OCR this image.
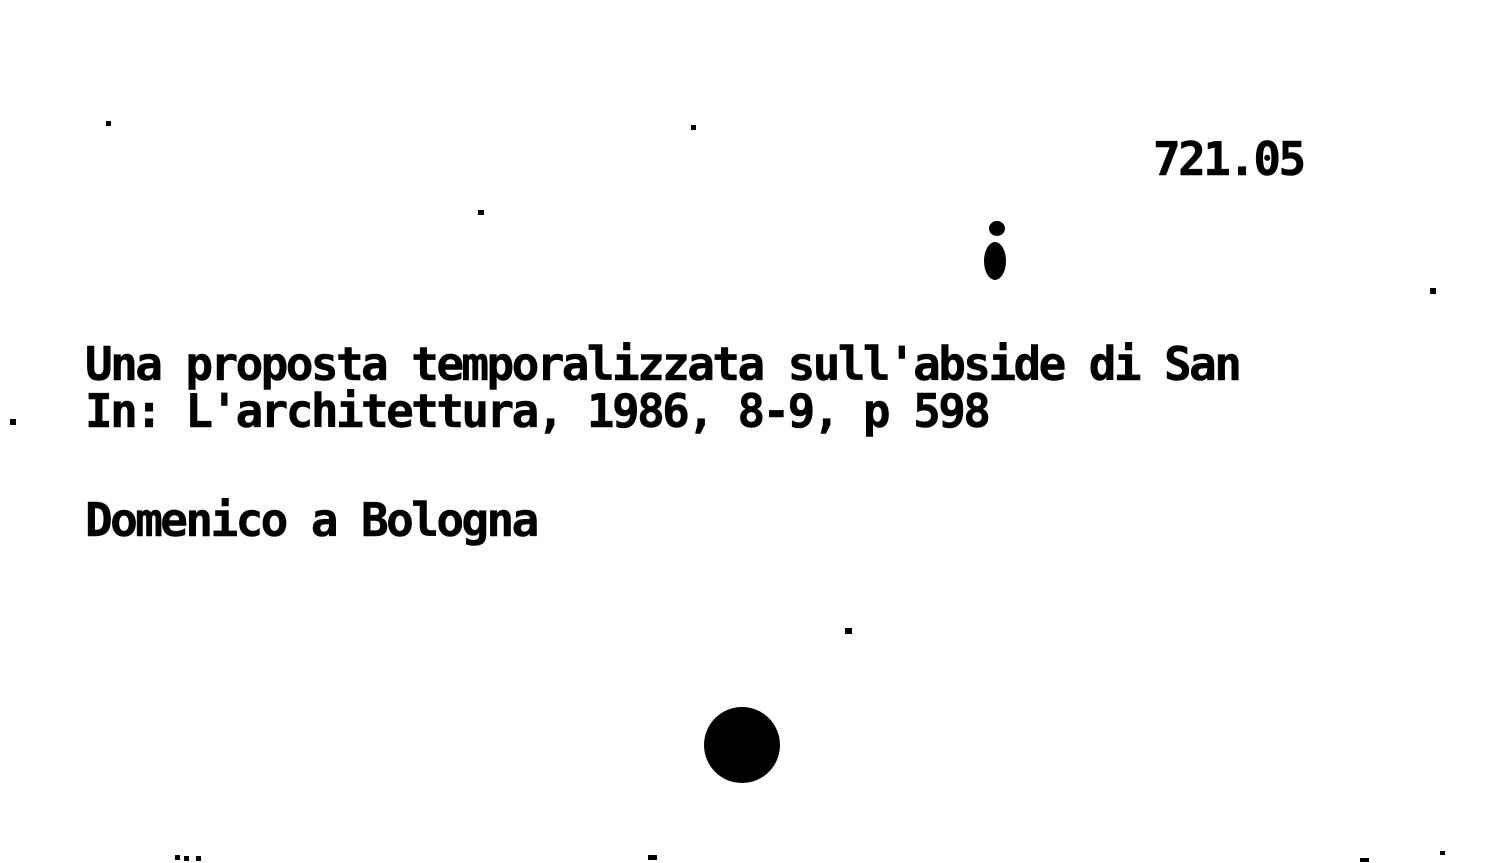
721.05

Una proposta temporalizzata sull'abside di San

Domenico a Bologna

In: L'architettura, 1986, 8-9, p 598
